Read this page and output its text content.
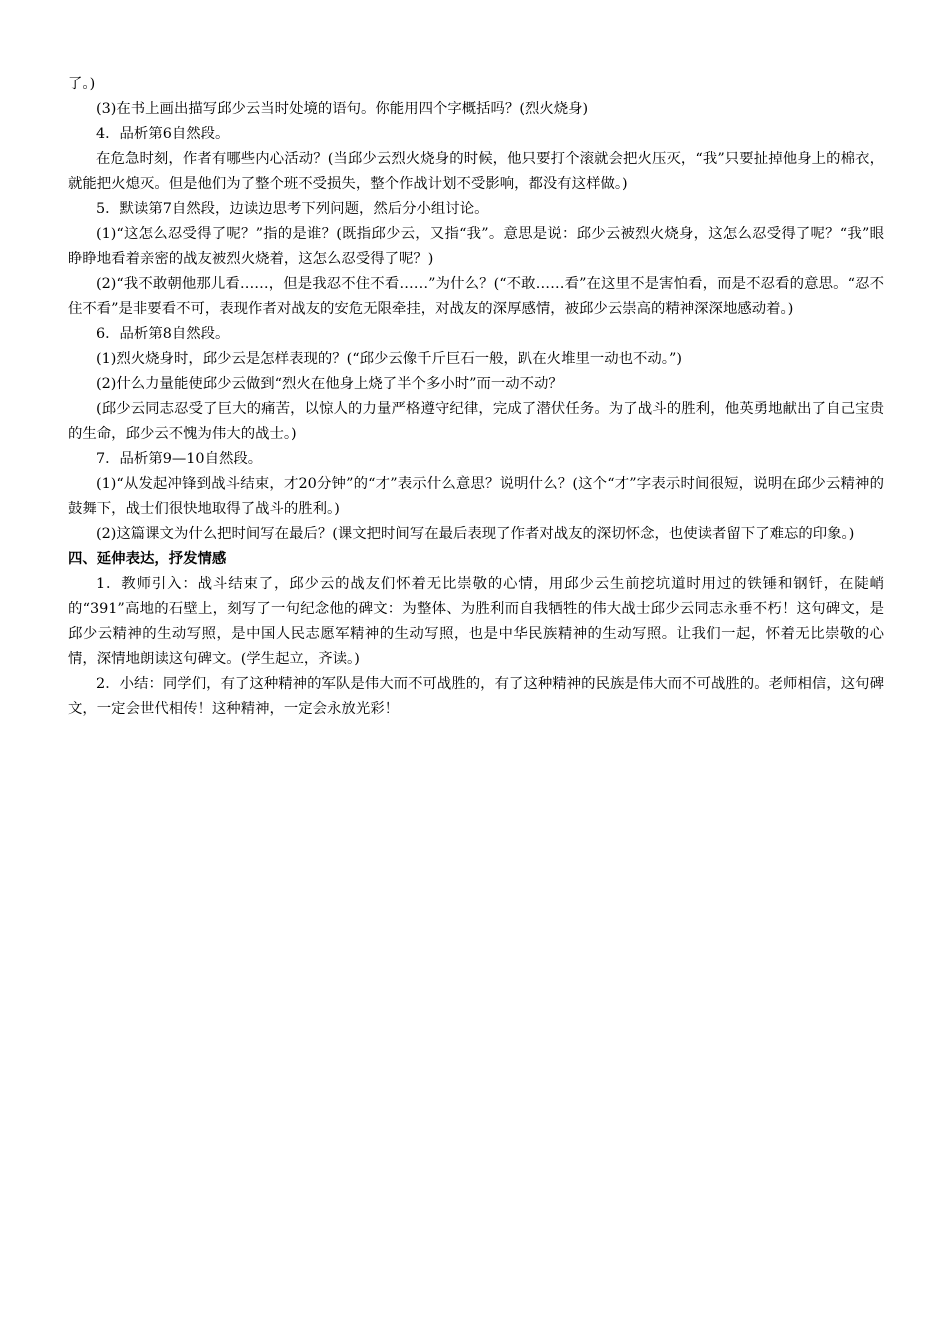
了。)

(3)在书上画出描写邱少云当时处境的语句。你能用四个字概括吗？(烈火烧身)

4．品析第6自然段。

在危急时刻，作者有哪些内心活动？(当邱少云烈火烧身的时候，他只要打个滚就会把火压灭，“我”只要扯掉他身上的棉衣，就能把火熄灭。但是他们为了整个班不受损失，整个作战计划不受影响，都没有这样做。)

5．默读第7自然段，边读边思考下列问题，然后分小组讨论。

(1)“这怎么忍受得了呢？”指的是谁？(既指邱少云，又指“我”。意思是说：邱少云被烈火烧身，这怎么忍受得了呢？“我”眼睁睁地看着亲密的战友被烈火烧着，这怎么忍受得了呢？)

(2)“我不敢朝他那儿看……，但是我忍不住不看……”为什么？(“不敢……看”在这里不是害怕看，而是不忍看的意思。“忍不住不看”是非要看不可，表现作者对战友的安危无限牵挂，对战友的深厚感情，被邱少云崇高的精神深深地感动着。)

6．品析第8自然段。

(1)烈火烧身时，邱少云是怎样表现的？(“邱少云像千斤巨石一般，趴在火堆里一动也不动。”)

(2)什么力量能使邱少云做到“烈火在他身上烧了半个多小时”而一动不动？

(邱少云同志忍受了巨大的痛苦，以惊人的力量严格遵守纪律，完成了潜伏任务。为了战斗的胜利，他英勇地献出了自己宝贵的生命，邱少云不愧为伟大的战士。)

7．品析第9—10自然段。

(1)“从发起冲锋到战斗结束，才20分钟”的“才”表示什么意思？说明什么？(这个“才”字表示时间很短，说明在邱少云精神的鼓舞下，战士们很快地取得了战斗的胜利。)

(2)这篇课文为什么把时间写在最后？(课文把时间写在最后表现了作者对战友的深切怀念，也使读者留下了难忘的印象。)

四、延伸表达，抒发情感

1．教师引入：战斗结束了，邱少云的战友们怀着无比崇敬的心情，用邱少云生前挖坑道时用过的铁锤和钢钎，在陡峭的“391”高地的石壁上，刻写了一句纪念他的碑文：为整体、为胜利而自我牺牲的伟大战士邱少云同志永垂不朽！这句碑文，是邱少云精神的生动写照，是中国人民志愿军精神的生动写照，也是中华民族精神的生动写照。让我们一起，怀着无比崇敬的心情，深情地朗读这句碑文。(学生起立，齐读。)

2．小结：同学们，有了这种精神的军队是伟大而不可战胜的，有了这种精神的民族是伟大而不可战胜的。老师相信，这句碑文，一定会世代相传！这种精神，一定会永放光彩！
